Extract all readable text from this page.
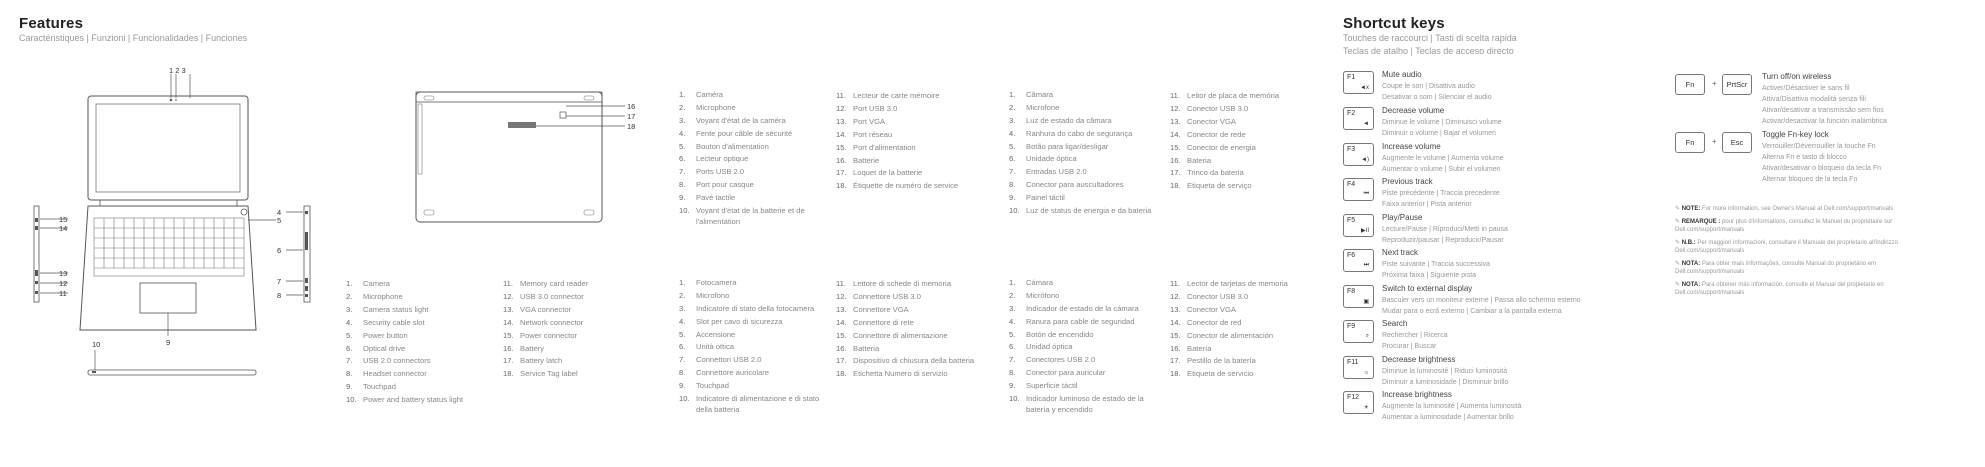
Features
Caractéristiques | Funzioni | Funcionalidades | Funciones
Shortcut keys
Touches de raccourci | Tasti di scelta rapida
Teclas de atalho | Teclas de acceso directo
1 2 3
15
14
13
12
11
4
5
6
7
8
9
10
16
17
18
1.	Caméra
2.	Microphone
3.	Voyant d'état de la caméra
4.	Fente pour câble de sécurité
5.	Bouton d'alimentation
6.	Lecteur optique
7.	Ports USB 2.0
8.	Port pour casque
9.	Pavé tactile
10. Voyant d'état de la batterie et de l'alimentation
11. Lecteur de carte mémoire
12. Port USB 3.0
13. Port VGA
14. Port réseau
15. Port d'alimentation
16. Batterie
17. Loquet de la batterie
18. Étiquette de numéro de service
1.	Câmara
2.	Microfone
3.	Luz de estado da câmara
4.	Ranhura do cabo de segurança
5.	Botão para ligar/desligar
6.	Unidade óptica
7.	Entradas USB 2.0
8.	Conector para auscultadores
9.	Painel táctil
10. Luz de status de energia e da bateria
11. Leitor de placa de memória
12. Conector USB 3.0
13. Conector VGA
14. Conector de rede
15. Conector de energia
16. Bateria
17. Trinco da bateria
18. Etiqueta de serviço
1.	Camera
2.	Microphone
3.	Camera status light
4.	Security cable slot
5.	Power button
6.	Optical drive
7.	USB 2.0 connectors
8.	Headset connector
9.	Touchpad
10. Power and battery status light
11. Memory card reader
12. USB 3.0 connector
13. VGA connector
14. Network connector
15. Power connector
16. Battery
17. Battery latch
18. Service Tag label
1.	Fotocamera
2.	Microfono
3.	Indicatore di stato della fotocamera
4.	Slot per cavo di sicurezza
5.	Accensione
6.	Unità ottica
7.	Connettori USB 2.0
8.	Connettore auricolare
9.	Touchpad
10. Indicatore di alimentazione e di stato della batteria
11. Lettore di schede di memoria
12. Connettore USB 3.0
13. Connettore VGA
14. Connettore di rete
15. Connettore di alimentazione
16. Batteria
17. Dispositivo di chiusura della batteria
18. Etichetta Numero di servizio
1.	Cámara
2.	Micrófono
3.	Indicador de estado de la cámara
4.	Ranura para cable de seguridad
5.	Botón de encendido
6.	Unidad óptica
7.	Conectores USB 2.0
8.	Conector para auricular
9.	Superficie táctil
10. Indicador luminoso de estado de la batería y encendido
11. Lector de tarjetas de memoria
12. Conector USB 3.0
13. Conector VGA
14. Conector de red
15. Conector de alimentación
16. Batería
17. Pestillo de la batería
18. Etiqueta de servicio
F1
◄x
Mute audio
Coupe le son | Disattiva audio
Desativar o som | Silenciar el audio
F2
◄
Decrease volume
Diminue le volume | Diminuisci volume
Diminuir o volume | Bajar el volumen
F3
◄)
Increase volume
Augmente le volume | Aumenta volume
Aumentar o volume | Subir el volumen
F4
⏮
Previous track
Piste précédente | Traccia precedente
Faixa anterior | Pista anterior
F5
▶II
Play/Pause
Lecture/Pause | Riproduci/Metti in pausa
Reproduzir/pausar | Reproducir/Pausar
F6
⏭
Next track
Piste suivante | Traccia successiva
Próxima faixa | Siguiente pista
F8
▣
Switch to external display
Basculer vers un moniteur externe | Passa allo schermo esterno
Mudar para o ecrã externo | Cambiar a la pantalla externa
F9
⌕
Search
Rechercher | Ricerca
Procurar | Buscar
F11
☼
Decrease brightness
Diminue la luminosité | Riduci luminosità
Diminuir a luminosidade | Disminuir brillo
F12
☀
Increase brightness
Augmente la luminosité | Aumenta luminosità
Aumentar a luminosidade | Aumentar brillo
Fn	+	PrtScr
Turn off/on wireless
Activer/Désactiver le sans fil
Attiva/Disattiva modalità senza fili
Ativar/desativar a transmissão sem fios
Activar/desactivar la función inalámbrica
Fn	+	Esc
Toggle Fn-key lock
Verrouiller/Déverrouiller la touche Fn
Alterna Fn e tasto di blocco
Ativar/desativar o bloqueio da tecla Fn
Alternar bloqueo de la tecla Fn
✎ NOTE: For more information, see Owner's Manual at Dell.com/support/manuals
✎ REMARQUE : pour plus d'informations, consultez le Manuel du propriétaire sur Dell.com/support/manuals
✎ N.B.: Per maggiori informazioni, consultare il Manuale del proprietario all'indirizzo Dell.com/support/manuals
✎ NOTA: Para obter mais informações, consulte Manual do proprietário em Dell.com/support/manuals
✎ NOTA: Para obtener más información, consulte el Manual del propietario en Dell.com/support/manuals
